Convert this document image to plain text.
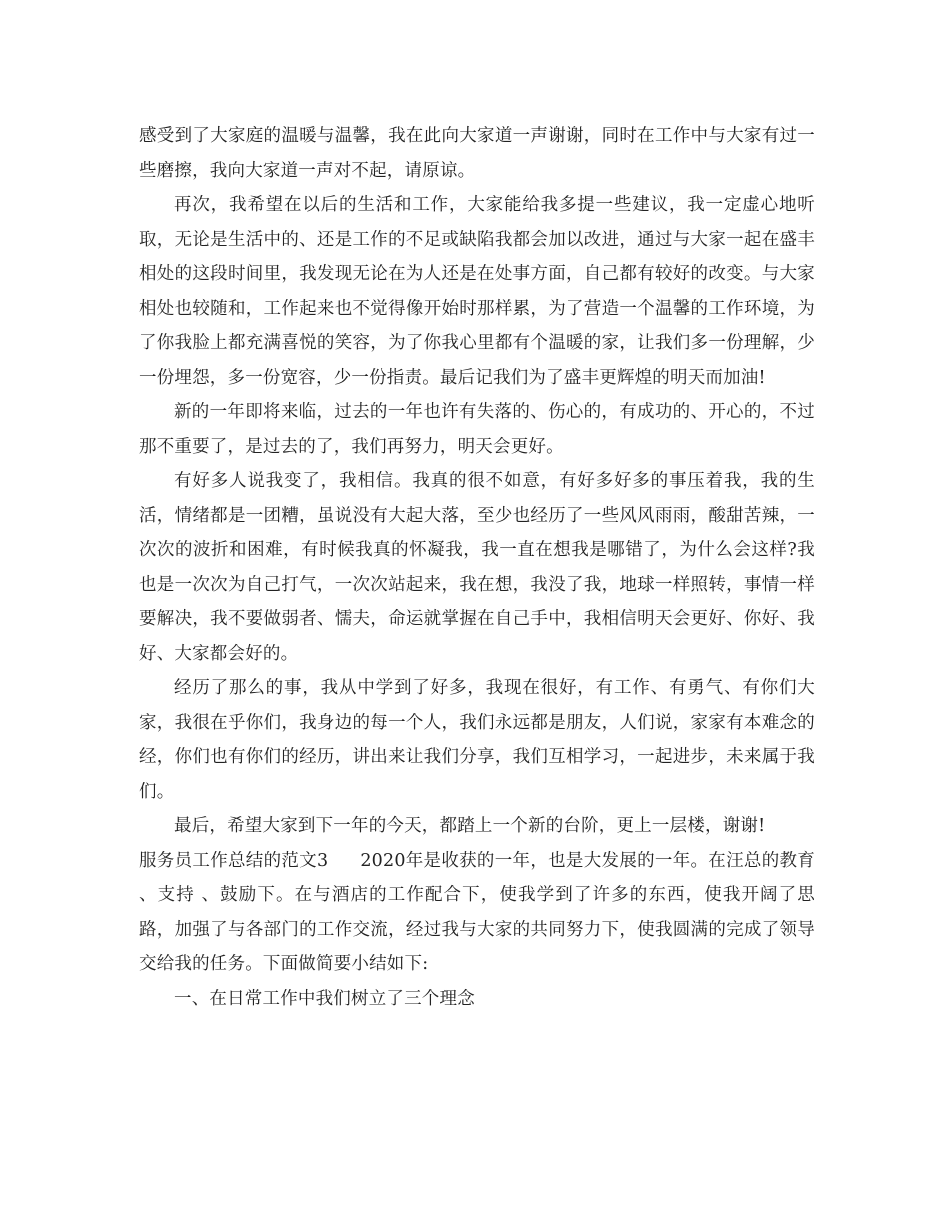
感受到了大家庭的温暖与温馨，我在此向大家道一声谢谢，同时在工作中与大家有过一些磨擦，我向大家道一声对不起，请原谅。

再次，我希望在以后的生活和工作，大家能给我多提一些建议，我一定虚心地听取，无论是生活中的、还是工作的不足或缺陷我都会加以改进，通过与大家一起在盛丰相处的这段时间里，我发现无论在为人还是在处事方面，自己都有较好的改变。与大家相处也较随和，工作起来也不觉得像开始时那样累，为了营造一个温馨的工作环境，为了你我脸上都充满喜悦的笑容，为了你我心里都有个温暖的家，让我们多一份理解，少一份埋怨，多一份宽容，少一份指责。最后记我们为了盛丰更辉煌的明天而加油!

新的一年即将来临，过去的一年也许有失落的、伤心的，有成功的、开心的，不过那不重要了，是过去的了，我们再努力，明天会更好。

有好多人说我变了，我相信。我真的很不如意，有好多好多的事压着我，我的生活，情绪都是一团糟，虽说没有大起大落，至少也经历了一些风风雨雨，酸甜苦辣，一次次的波折和困难，有时候我真的怀凝我，我一直在想我是哪错了，为什么会这样?我也是一次次为自己打气，一次次站起来，我在想，我没了我，地球一样照转，事情一样要解决，我不要做弱者、懦夫，命运就掌握在自己手中，我相信明天会更好、你好、我好、大家都会好的。

经历了那么的事，我从中学到了好多，我现在很好，有工作、有勇气、有你们大家，我很在乎你们，我身边的每一个人，我们永远都是朋友，人们说，家家有本难念的经，你们也有你们的经历，讲出来让我们分享，我们互相学习，一起进步，未来属于我们。

最后，希望大家到下一年的今天，都踏上一个新的台阶，更上一层楼，谢谢!

服务员工作总结的范文3 2020年是收获的一年，也是大发展的一年。在汪总的教育 、支持 、鼓励下。在与酒店的工作配合下，使我学到了许多的东西，使我开阔了思路，加强了与各部门的工作交流，经过我与大家的共同努力下，使我圆满的完成了领导交给我的任务。下面做简要小结如下:

一、在日常工作中我们树立了三个理念
